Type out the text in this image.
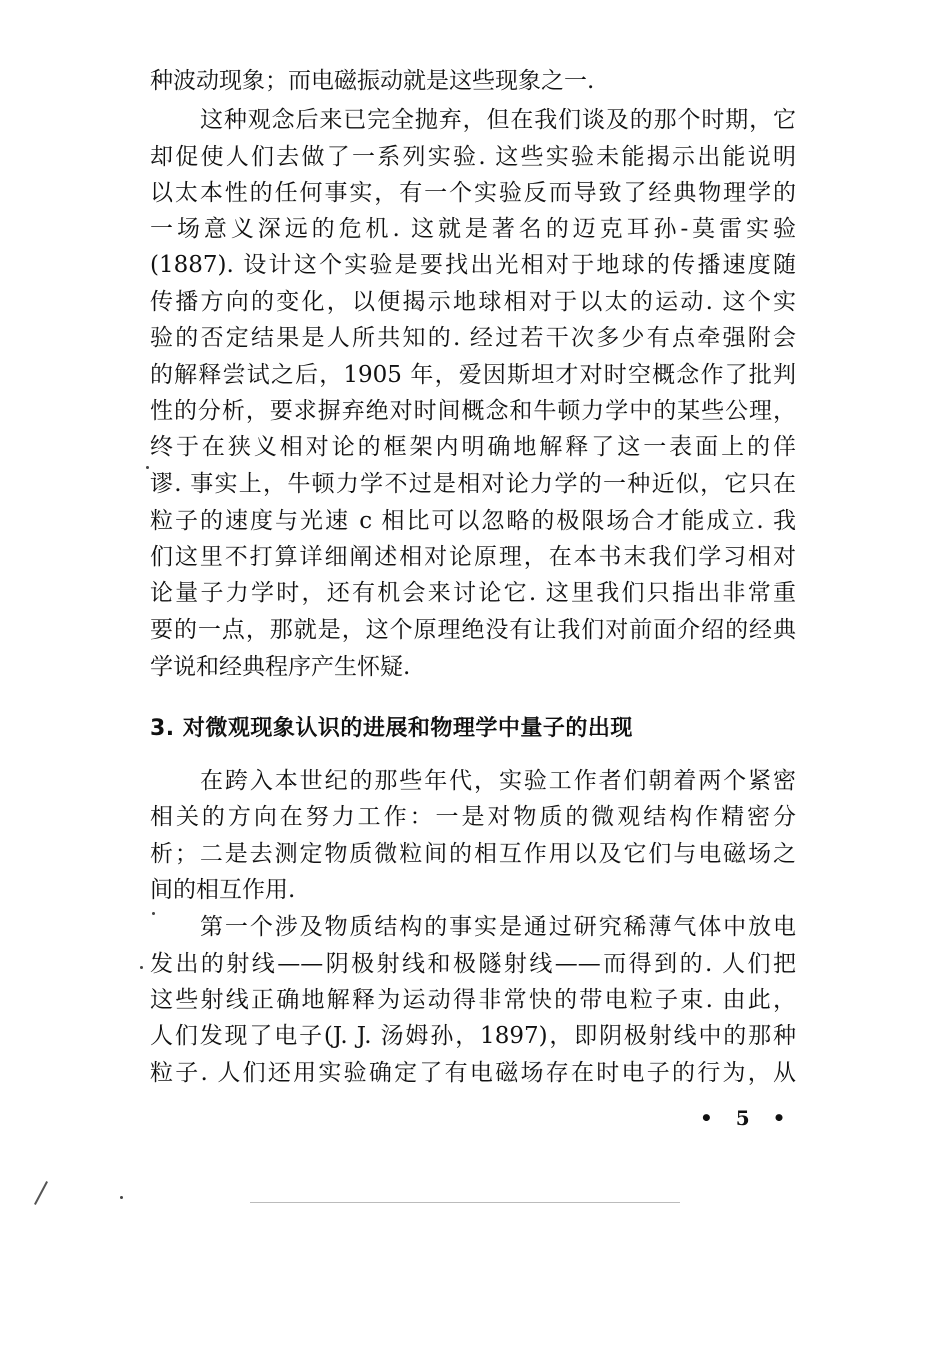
种波动现象；而电磁振动就是这些现象之一.
这种观念后来已完全抛弃，但在我们谈及的那个时期，它
却促使人们去做了一系列实验. 这些实验未能揭示出能说明
以太本性的任何事实，有一个实验反而导致了经典物理学的
一场意义深远的危机. 这就是著名的迈克耳孙-莫雷实验
(1887). 设计这个实验是要找出光相对于地球的传播速度随
传播方向的变化，以便揭示地球相对于以太的运动. 这个实
验的否定结果是人所共知的. 经过若干次多少有点牵强附会
的解释尝试之后，1905 年，爱因斯坦才对时空概念作了批判
性的分析，要求摒弃绝对时间概念和牛顿力学中的某些公理，
终于在狭义相对论的框架内明确地解释了这一表面上的佯
谬. 事实上，牛顿力学不过是相对论力学的一种近似，它只在
粒子的速度与光速 c 相比可以忽略的极限场合才能成立. 我
们这里不打算详细阐述相对论原理，在本书末我们学习相对
论量子力学时，还有机会来讨论它. 这里我们只指出非常重
要的一点，那就是，这个原理绝没有让我们对前面介绍的经典
学说和经典程序产生怀疑.
3. 对微观现象认识的进展和物理学中量子的出现
在跨入本世纪的那些年代，实验工作者们朝着两个紧密
相关的方向在努力工作：一是对物质的微观结构作精密分
析；二是去测定物质微粒间的相互作用以及它们与电磁场之
间的相互作用.
第一个涉及物质结构的事实是通过研究稀薄气体中放电
发出的射线——阴极射线和极隧射线——而得到的. 人们把
这些射线正确地解释为运动得非常快的带电粒子束. 由此，
人们发现了电子(J. J. 汤姆孙，1897)，即阴极射线中的那种
粒子. 人们还用实验确定了有电磁场存在时电子的行为，从
• 5 •
